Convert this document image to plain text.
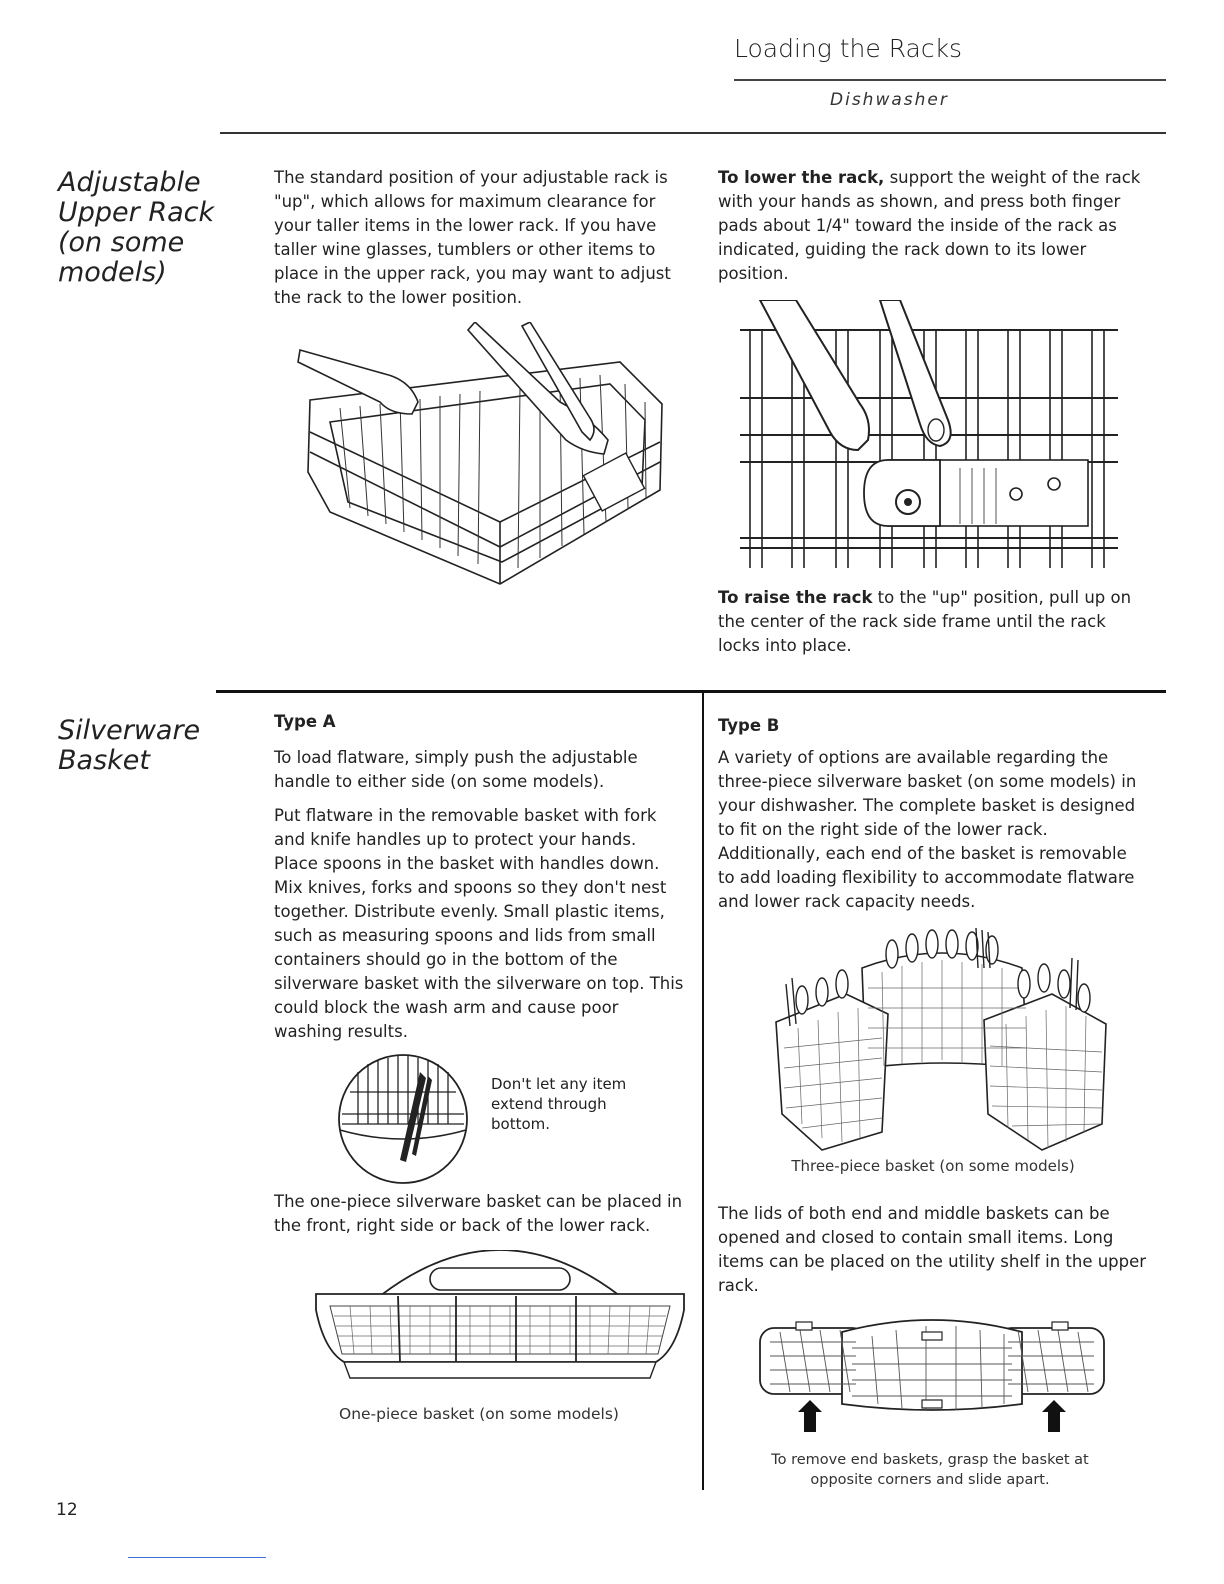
Loading the Racks
Dishwasher
Adjustable Upper Rack (on some models)
The standard position of your adjustable rack is "up", which allows for maximum clearance for your taller items in the lower rack. If you have taller wine glasses, tumblers or other items to place in the upper rack, you may want to adjust the rack to the lower position.
To lower the rack, support the weight of the rack with your hands as shown, and press both finger pads about 1/4" toward the inside of the rack as indicated, guiding the rack down to its lower position.
To raise the rack to the "up" position, pull up on the center of the rack side frame until the rack locks into place.
Silverware Basket
Type A

To load flatware, simply push the adjustable handle to either side (on some models).

Put flatware in the removable basket with fork and knife handles up to protect your hands. Place spoons in the basket with handles down. Mix knives, forks and spoons so they don't nest together. Distribute evenly. Small plastic items, such as measuring spoons and lids from small containers should go in the bottom of the silverware basket with the silverware on top. This could block the wash arm and cause poor washing results.

Don't let any item extend through bottom.
The one-piece silverware basket can be placed in the front, right side or back of the lower rack.
One-piece basket (on some models)
Type B
A variety of options are available regarding the three-piece silverware basket (on some models) in your dishwasher. The complete basket is designed to fit on the right side of the lower rack. Additionally, each end of the basket is removable to add loading flexibility to accommodate flatware and lower rack capacity needs.
Three-piece basket (on some models)
The lids of both end and middle baskets can be opened and closed to contain small items. Long items can be placed on the utility shelf in the upper rack.
To remove end baskets, grasp the basket at opposite corners and slide apart.
12
